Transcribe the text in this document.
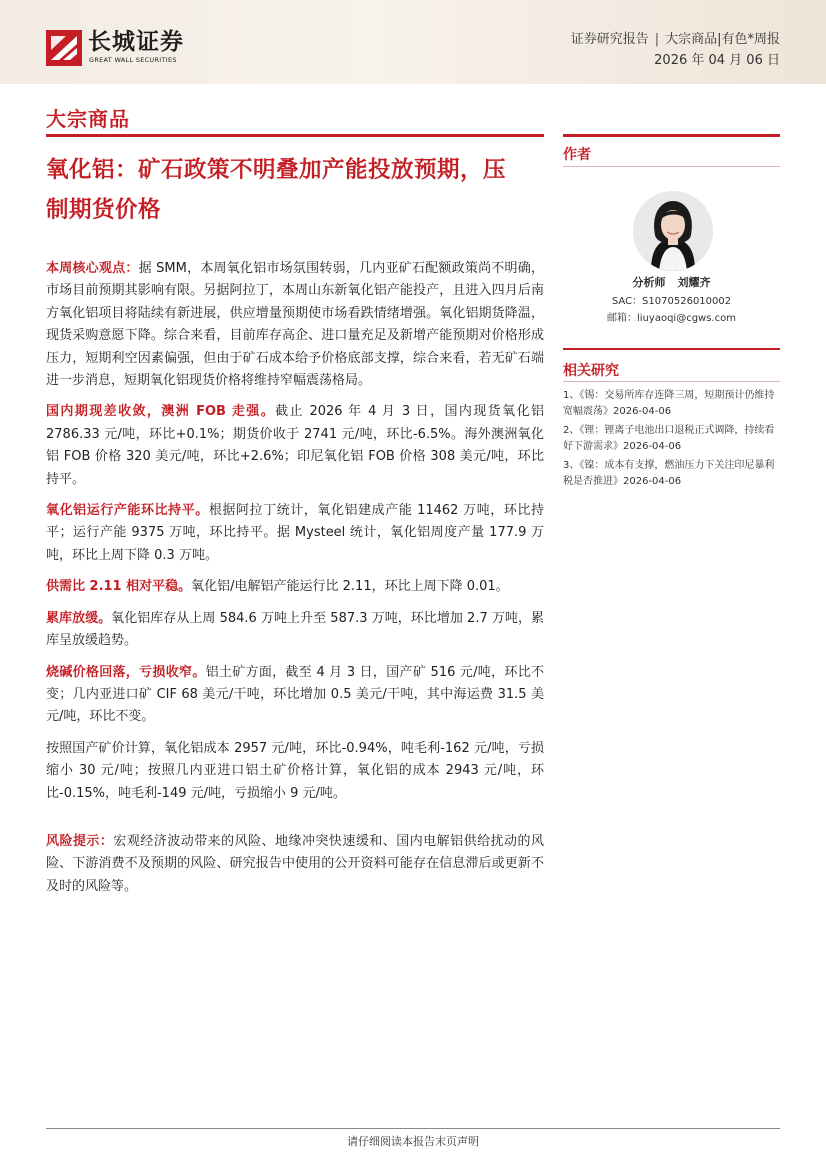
长城证券
GREAT WALL SECURITIES
证券研究报告 | 大宗商品|有色*周报
2026 年 04 月 06 日
大宗商品
氧化铝：矿石政策不明叠加产能投放预期，压制期货价格

本周核心观点：据 SMM，本周氧化铝市场氛围转弱，几内亚矿石配额政策尚不明确，市场目前预期其影响有限。另据阿拉丁，本周山东新氧化铝产能投产，且进入四月后南方氧化铝项目将陆续有新进展，供应增量预期使市场看跌情绪增强。氧化铝期货降温，现货采购意愿下降。综合来看，目前库存高企、进口量充足及新增产能预期对价格形成压力，短期利空因素偏强，但由于矿石成本给予价格底部支撑，综合来看，若无矿石端进一步消息，短期氧化铝现货价格将维持窄幅震荡格局。

国内期现差收敛，澳洲 FOB 走强。截止 2026 年 4 月 3 日，国内现货氧化铝 2786.33 元/吨，环比+0.1%；期货价收于 2741 元/吨，环比-6.5%。海外澳洲氧化铝 FOB 价格 320 美元/吨，环比+2.6%；印尼氧化铝 FOB 价格 308 美元/吨，环比持平。

氧化铝运行产能环比持平。根据阿拉丁统计，氧化铝建成产能 11462 万吨，环比持平；运行产能 9375 万吨，环比持平。据 Mysteel 统计，氧化铝周度产量 177.9 万吨，环比上周下降 0.3 万吨。

供需比 2.11 相对平稳。氧化铝/电解铝产能运行比 2.11，环比上周下降 0.01。

累库放缓。氧化铝库存从上周 584.6 万吨上升至 587.3 万吨，环比增加 2.7 万吨，累库呈放缓趋势。

烧碱价格回落，亏损收窄。铝土矿方面，截至 4 月 3 日，国产矿 516 元/吨，环比不变；几内亚进口矿 CIF 68 美元/干吨，环比增加 0.5 美元/干吨，其中海运费 31.5 美元/吨，环比不变。

按照国产矿价计算，氧化铝成本 2957 元/吨，环比-0.94%，吨毛利-162 元/吨，亏损缩小 30 元/吨；按照几内亚进口铝土矿价格计算，氧化铝的成本 2943 元/吨，环比-0.15%，吨毛利-149 元/吨，亏损缩小 9 元/吨。

风险提示：宏观经济波动带来的风险、地缘冲突快速缓和、国内电解铝供给扰动的风险、下游消费不及预期的风险、研究报告中使用的公开资料可能存在信息滞后或更新不及时的风险等。

作者
分析师 刘耀齐
SAC：S1070526010002
邮箱：liuyaoqi@cgws.com
相关研究
1、《锡：交易所库存连降三周，短期预计仍维持宽幅震荡》2026-04-06
2、《锂：锂离子电池出口退税正式调降，持续看好下游需求》2026-04-06
3、《镍：成本有支撑，燃油压力下关注印尼暴利税是否推进》2026-04-06
请仔细阅读本报告末页声明
